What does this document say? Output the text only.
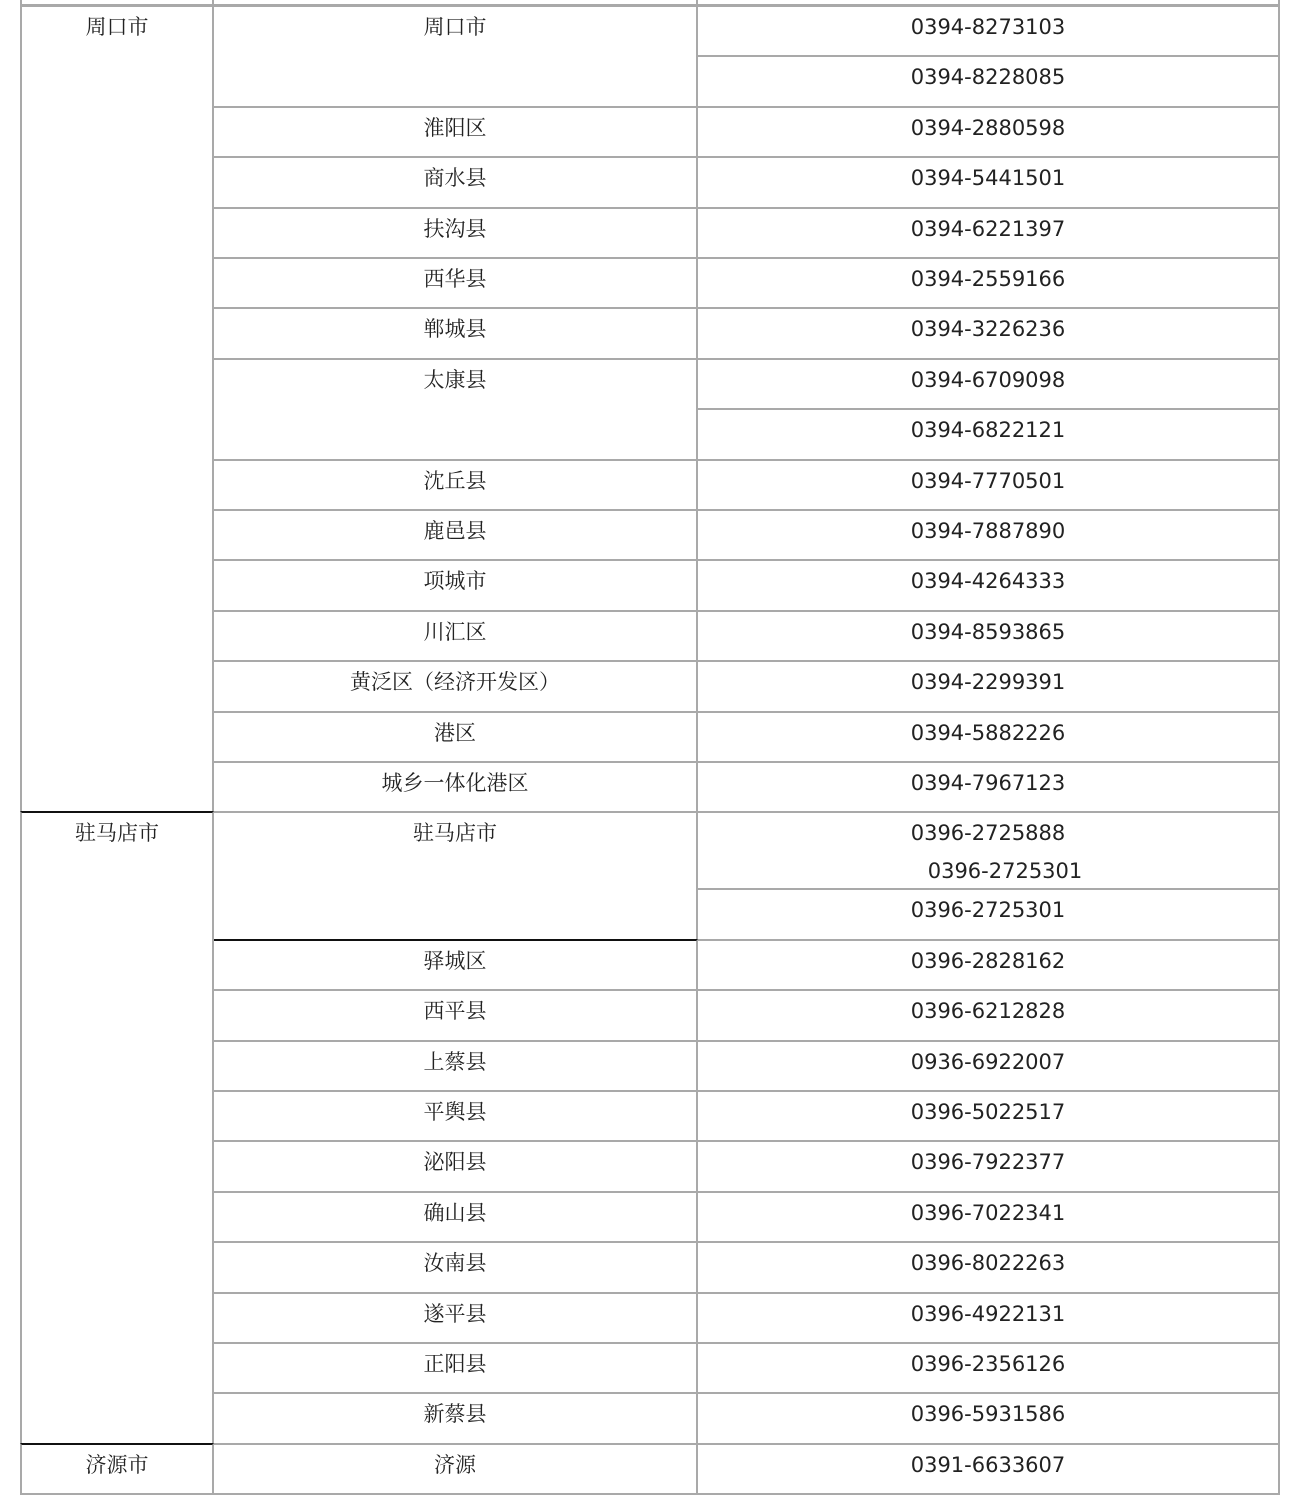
0394-8273103
0394-8228085
周口市
0394-2880598
淮阳区
0394-5441501
商水县
0394-6221397
扶沟县
0394-2559166
西华县
0394-3226236
郸城县
0394-6709098
0394-6822121
太康县
0394-7770501
沈丘县
0394-7887890
鹿邑县
0394-4264333
项城市
0394-8593865
川汇区
0394-2299391
黄泛区（经济开发区）
0394-5882226
港区
0394-7967123
城乡一体化港区
周口市
0396-2725888
0396-2725301
0396-2725301
驻马店市
0396-2828162
驿城区
0396-6212828
西平县
0936-6922007
上蔡县
0396-5022517
平舆县
0396-7922377
泌阳县
0396-7022341
确山县
0396-8022263
汝南县
0396-4922131
遂平县
0396-2356126
正阳县
0396-5931586
新蔡县
驻马店市
0391-6633607
济源
济源市
